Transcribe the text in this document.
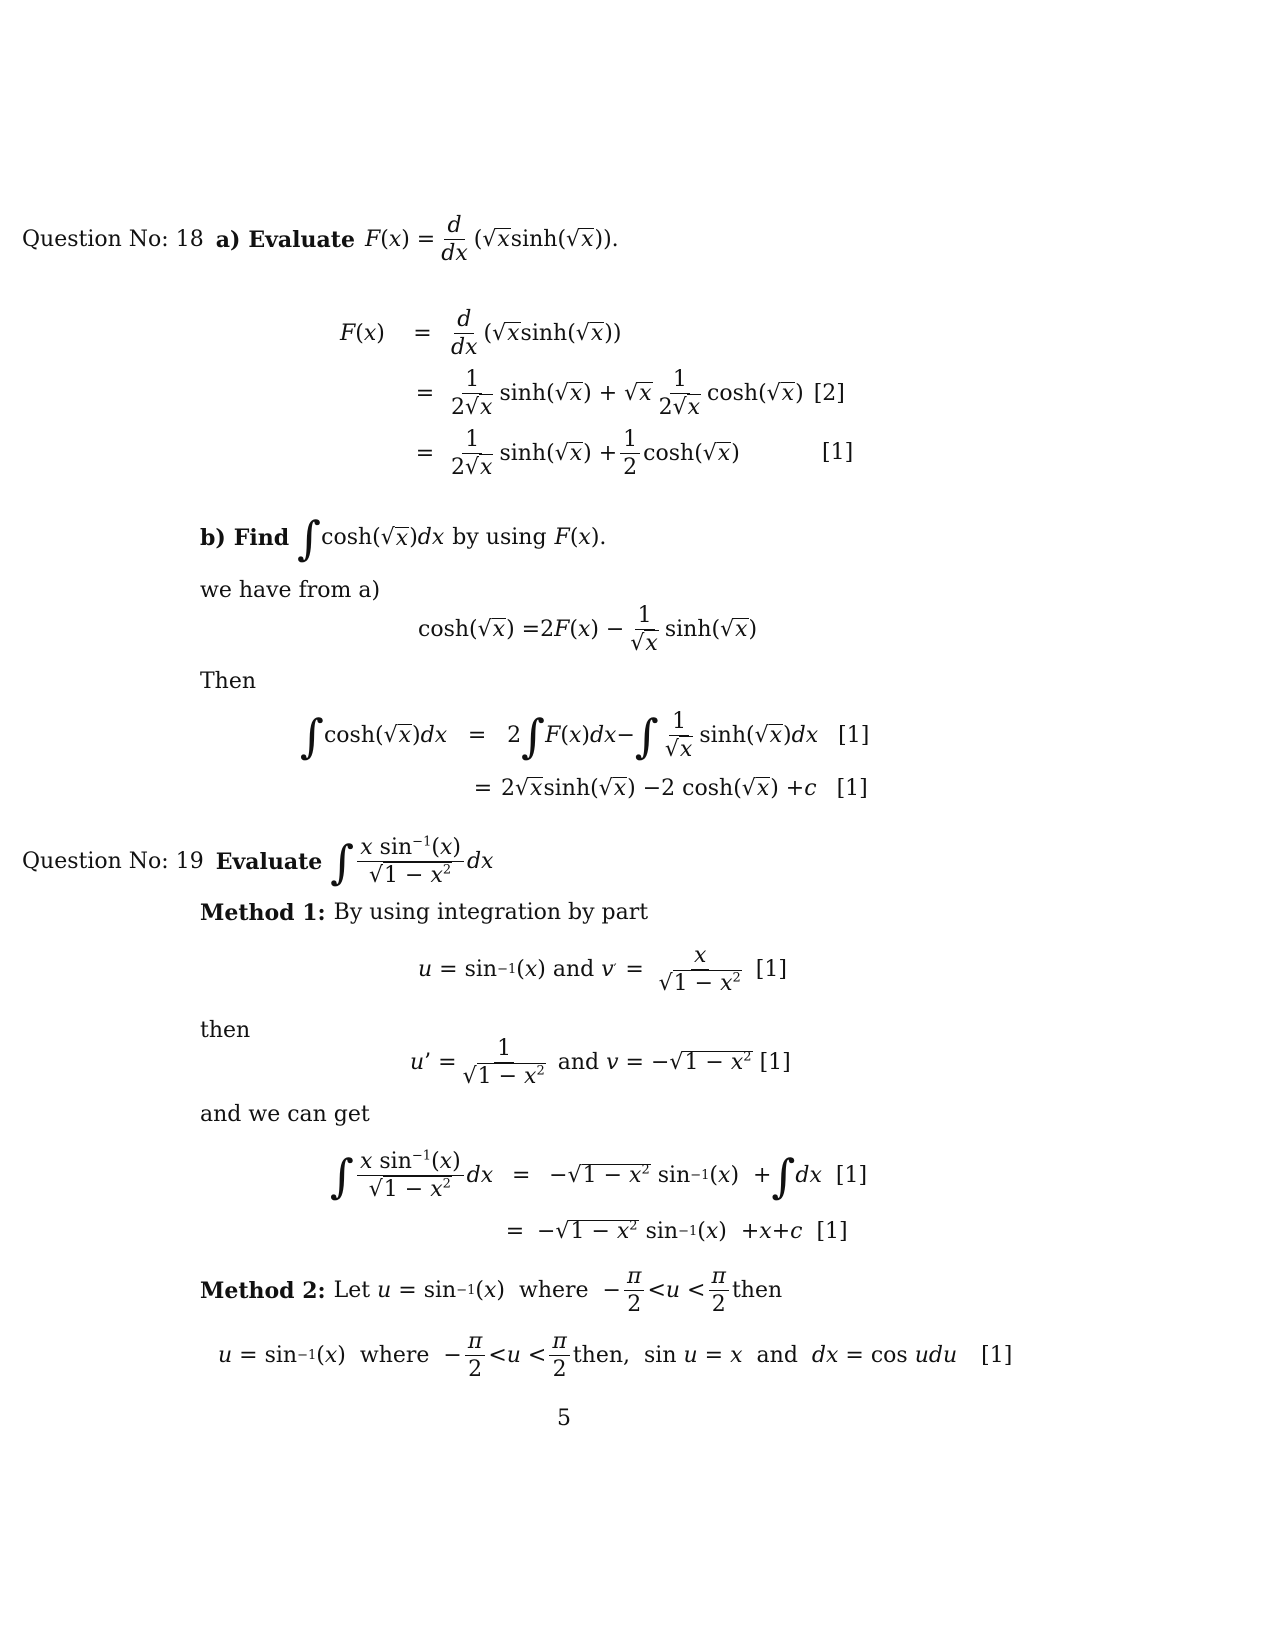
Question No: 18 a) Evaluate F ( x ) = $\frac{d}{dx}$ (√ x sinh (√ x )).
F(x)	= $\frac{d}{dx}$ (√ x sinh (√ x ))
= $\frac{1}{2√x}$ sinh (√ x ) + √ x $\frac{1}{2√x}$ cosh (√ x ) [2]
= $\frac{1}{2√x}$ sinh (√ x ) + $\frac{1}{2}$ cosh (√ x )	[1]
b) Find ∫ cosh (√ x ) dx by using F ( x ).
we have from a)
cosh (√ x ) = 2 F ( x ) − $\frac{1}{√x}$ sinh (√ x )
Then
∫ cosh (√ x ) dx = 2 ∫ F ( x ) dx − ∫ $\frac{1}{√x}$ sinh (√ x ) dx [1]
= 2 √ x sinh (√ x ) − 2
cosh (√ x ) + c [1]
Question No: 19 Evaluate ∫ $\frac{x \sin^{-1}(x)}{√1 - x^2}$ dx
Method 1: By using integration by part
u = sin −1 ( x ) and
v ′ = $\frac{x}{√1 - x^2} [1]$
then
u ’ = $\frac{1}{√1 - x^2}$ and
v = −√ $1 - x^2$
[1]
and we can get
∫ $\frac{x \sin^{-1}(x)}{√1 - x^2}$ dx = −√ $1 - x^2$ sin −1 ( x )  + ∫ dx
[1]
= −√ $1 - x^2$ sin −1 ( x )  + x + c
[1]
Method 2: Let
u = sin −1 ( x ) where − $\frac{\pi}{2} < u < \frac{\pi}{2}$ then
u = sin −1 ( x ) where − $\frac{\pi}{2} < u < \frac{\pi}{2}$ then, sin u = x
and
dx = cos udu [1]
5
